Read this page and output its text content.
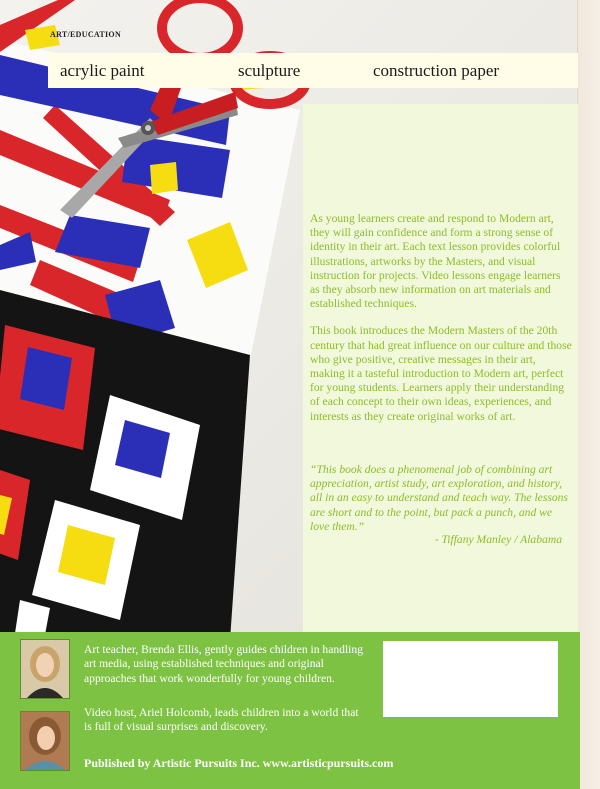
ART/EDUCATION
acrylic paint	sculpture	construction paper

As young learners create and respond to Modern art, they will gain confidence and form a strong sense of identity in their art. Each text lesson provides colorful illustrations, artworks by the Masters, and visual instruction for projects. Video lessons engage learners as they absorb new information on art materials and established techniques.

This book introduces the Modern Masters of the 20th century that had great influence on our culture and those who give positive, creative messages in their art, making it a tasteful introduction to Modern art, perfect for young students. Learners apply their understanding of each concept to their own ideas, experiences, and interests as they create original works of art.

“This book does a phenomenal job of combining art appreciation, artist study, art exploration, and history, all in an easy to understand and teach way. The lessons are short and to the point, but pack a punch, and we love them.”
- Tiffany Manley / Alabama
Art teacher, Brenda Ellis, gently guides children in handling art media, using established techniques and original approaches that work wonderfully for young children.
Video host, Ariel Holcomb, leads children into a world that is full of visual surprises and discovery.
Published by Artistic Pursuits Inc. www.artisticpursuits.com
